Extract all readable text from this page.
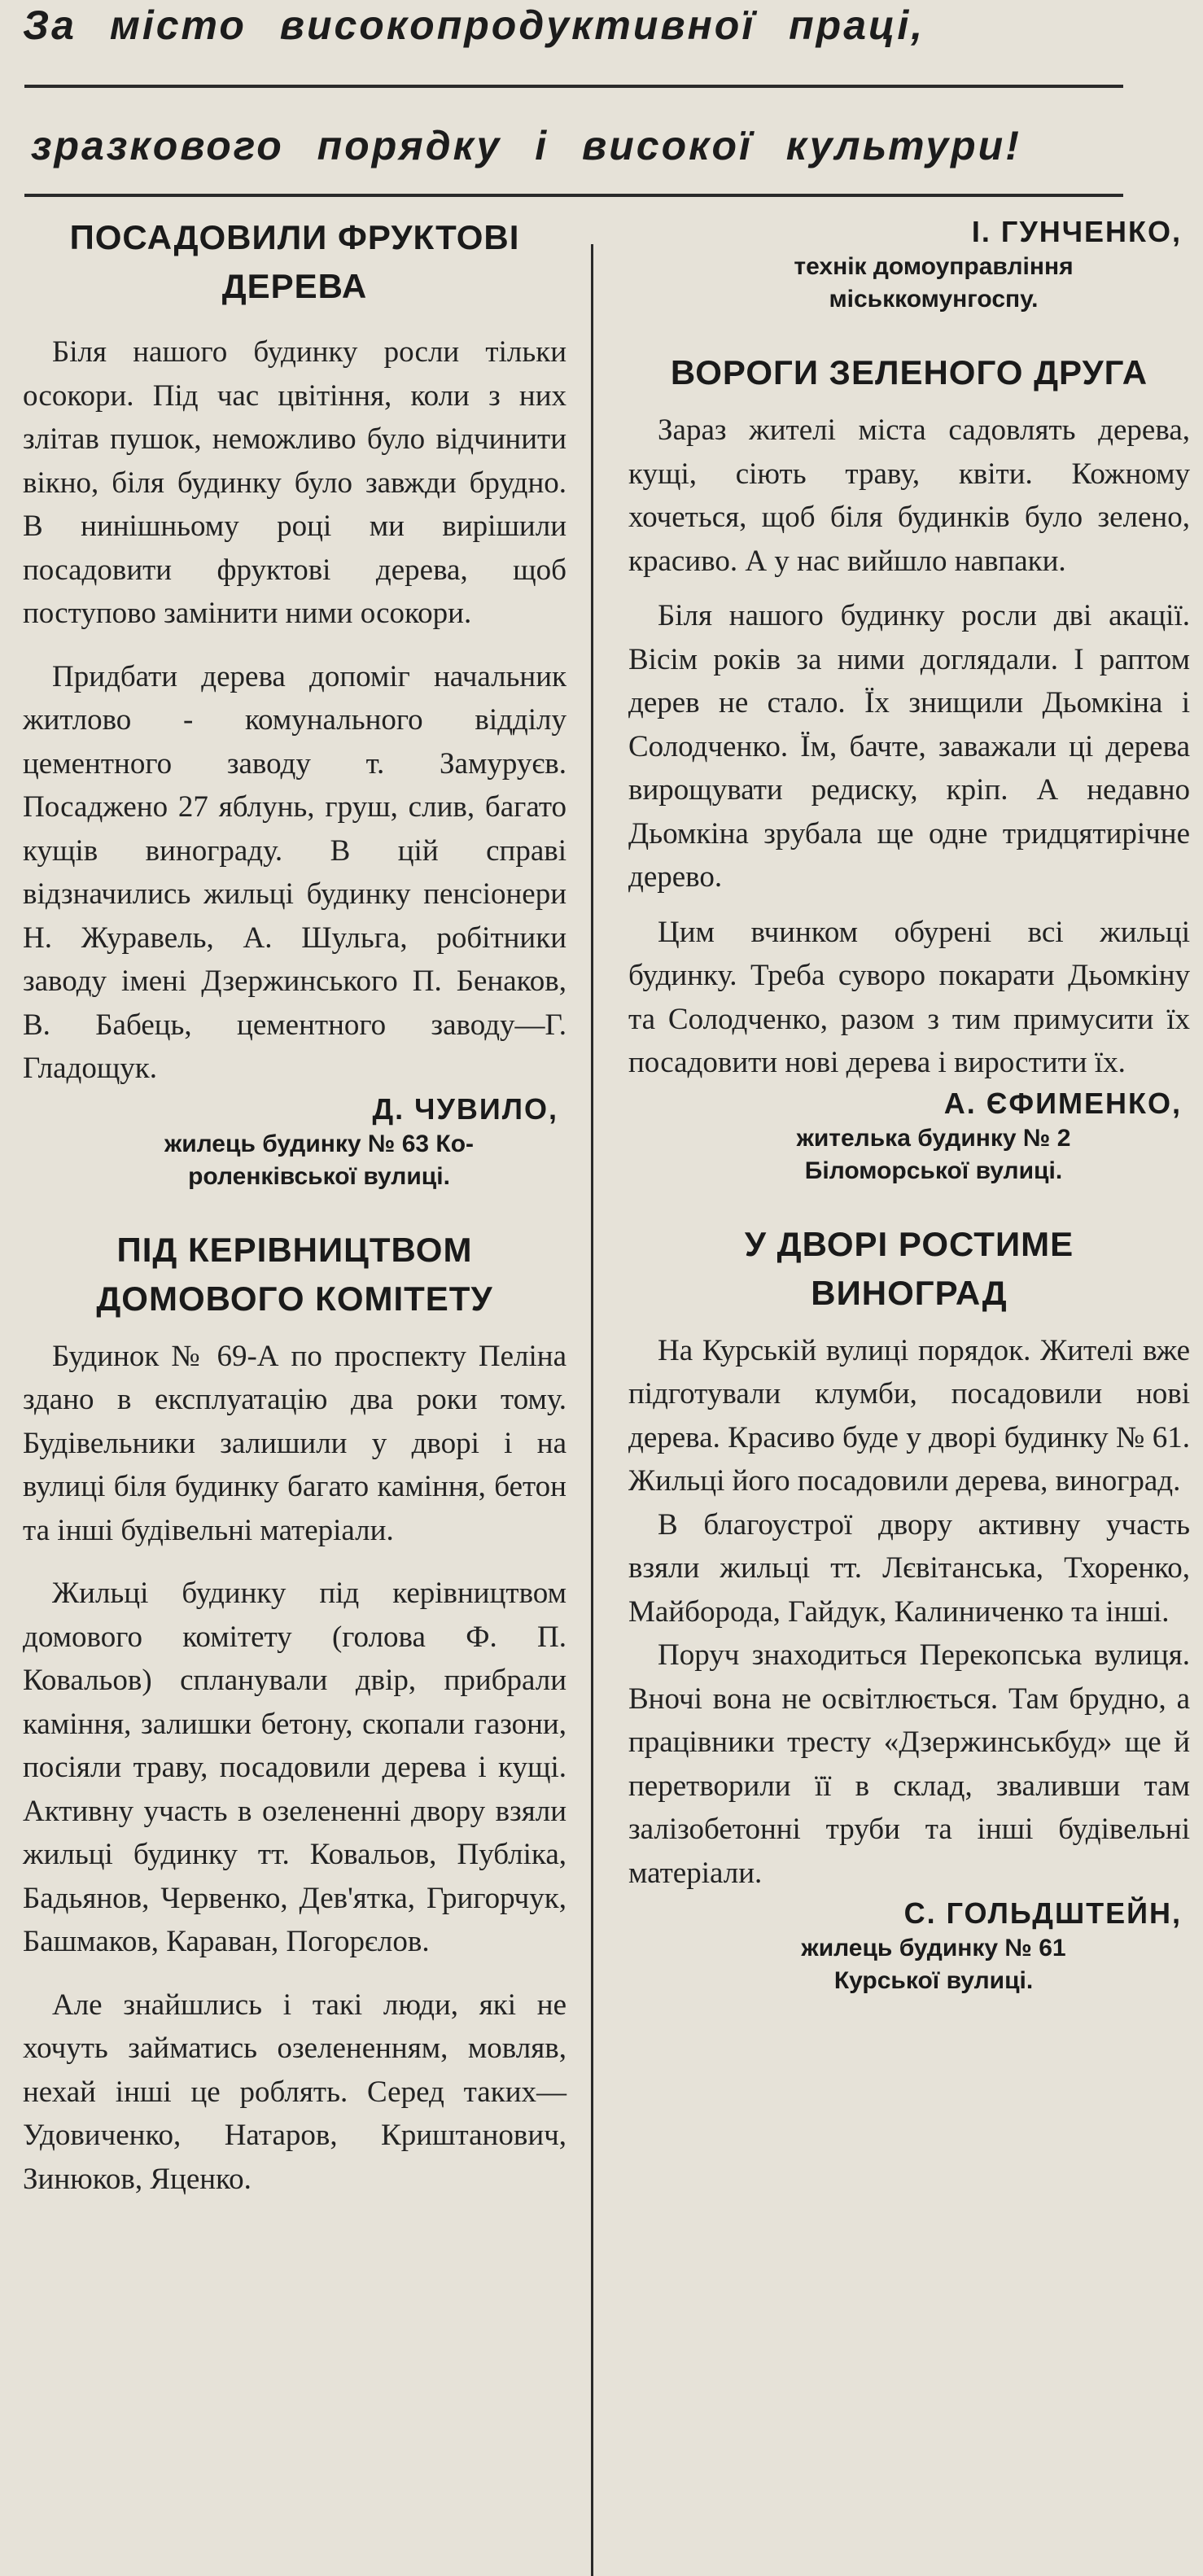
За місто високопродуктивної праці,
зразкового порядку і високої культури!
ПОСАДОВИЛИ ФРУКТОВІ
ДЕРЕВА

Біля нашого будинку росли тільки осокори. Під час цвітіння, коли з них злітав пушок, неможливо було відчинити вікно, біля будинку було завжди брудно. В нинішньому році ми вирішили посадовити фруктові дерева, щоб поступово замінити ними осокори.

Придбати дерева допоміг начальник житлово - комунального відділу цементного заводу т. Замуруєв. Посаджено 27 яблунь, груш, слив, багато кущів винограду. В цій справі відзначились жильці будинку пенсіонери Н. Журавель, А. Шульга, робітники заводу імені Дзержинського П. Бенаков, В. Бабець, цементного заводу—Г. Гладощук.

Д. ЧУВИЛО,
жилець будинку № 63 Ко-
роленківської вулиці.
ПІД КЕРІВНИЦТВОМ
ДОМОВОГО КОМІТЕТУ

Будинок № 69-А по проспекту Пеліна здано в експлуатацію два роки тому. Будівельники залишили у дворі і на вулиці біля будинку багато каміння, бетон та інші будівельні матеріали.

Жильці будинку під керівництвом домового комітету (голова Ф. П. Ковальов) спланували двір, прибрали каміння, залишки бетону, скопали газони, посіяли траву, посадовили дерева і кущі. Активну участь в озелененні двору взяли жильці будинку тт. Ковальов, Публіка, Бадьянов, Червенко, Дев'ятка, Григорчук, Башмаков, Караван, Погорєлов.

Але знайшлись і такі люди, які не хочуть займатись озелененням, мовляв, нехай інші це роблять. Серед таких—Удовиченко, Натаров, Криштанович, Зинюков, Яценко.

І. ГУНЧЕНКО,
технік домоуправління
міськкомунгоспу.
ВОРОГИ ЗЕЛЕНОГО ДРУГА

Зараз жителі міста садовлять дерева, кущі, сіють траву, квіти. Кожному хочеться, щоб біля будинків було зелено, красиво. А у нас вийшло навпаки.

Біля нашого будинку росли дві акації. Вісім років за ними доглядали. І раптом дерев не стало. Їх знищили Дьомкіна і Солодченко. Їм, бачте, заважали ці дерева вирощувати редиску, кріп. А недавно Дьомкіна зрубала ще одне тридцятирічне дерево.

Цим вчинком обурені всі жильці будинку. Треба суворо покарати Дьомкіну та Солодченко, разом з тим примусити їх посадовити нові дерева і виростити їх.

А. ЄФИМЕНКО,
жителька будинку № 2
Біломорської вулиці.
У ДВОРІ РОСТИМЕ
ВИНОГРАД

На Курській вулиці порядок. Жителі вже підготували клумби, посадовили нові дерева. Красиво буде у дворі будинку № 61. Жильці його посадовили дерева, виноград.

В благоустрої двору активну участь взяли жильці тт. Лєвітанська, Тхоренко, Майборода, Гайдук, Калиниченко та інші.

Поруч знаходиться Перекопська вулиця. Вночі вона не освітлюється. Там брудно, а працівники тресту «Дзержинськбуд» ще й перетворили її в склад, зваливши там залізобетонні труби та інші будівельні матеріали.

С. ГОЛЬДШТЕЙН,
жилець будинку № 61
Курської вулиці.
